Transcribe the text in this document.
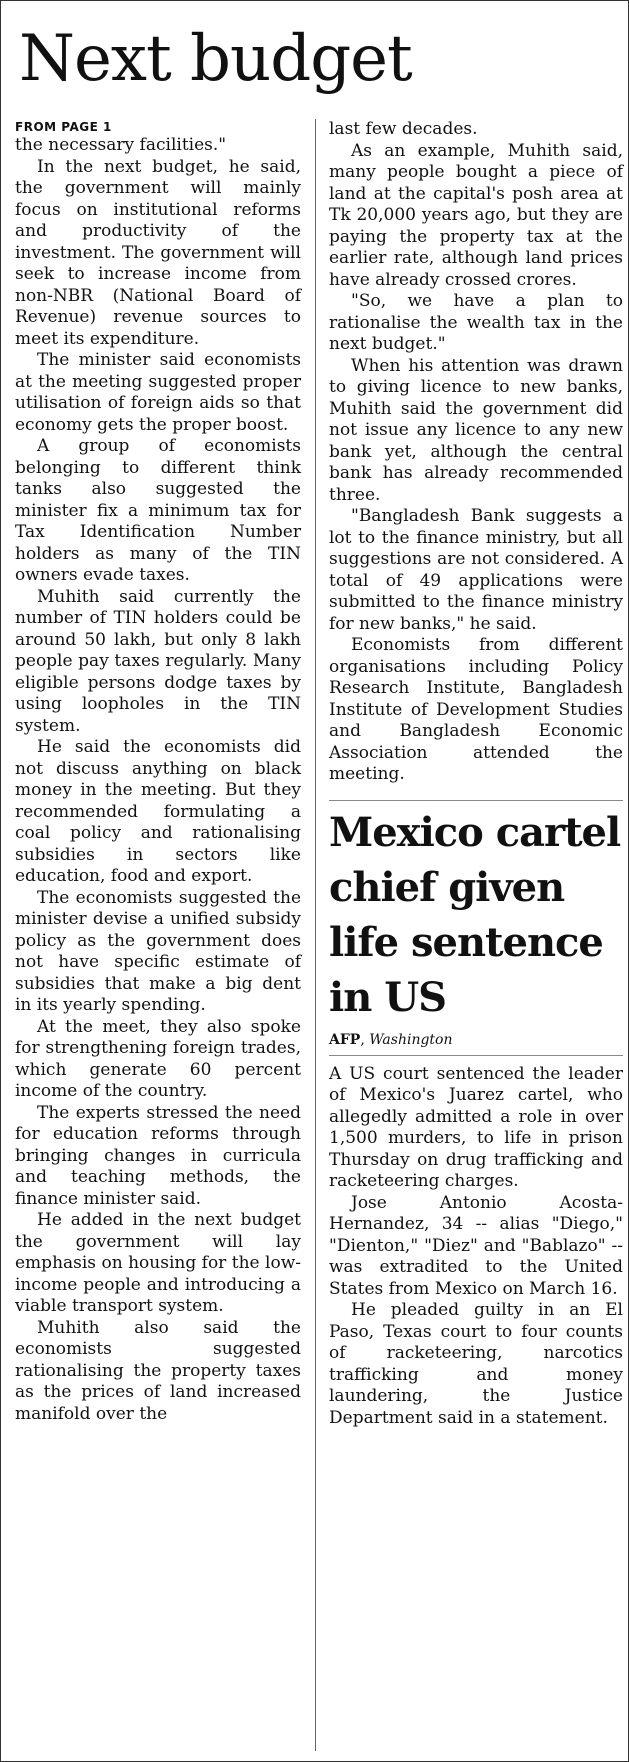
Next budget
FROM PAGE 1

the necessary facilities."

In the next budget, he said, the government will mainly focus on institutional reforms and productivity of the investment. The government will seek to increase income from non-NBR (National Board of Revenue) revenue sources to meet its expenditure.

The minister said economists at the meeting suggested proper utilisation of foreign aids so that economy gets the proper boost.

A group of economists belonging to different think tanks also suggested the minister fix a minimum tax for Tax Identification Number holders as many of the TIN owners evade taxes.

Muhith said currently the number of TIN holders could be around 50 lakh, but only 8 lakh people pay taxes regularly. Many eligible persons dodge taxes by using loopholes in the TIN system.

He said the economists did not discuss anything on black money in the meeting. But they recommended formulating a coal policy and rationalising subsidies in sectors like education, food and export.

The economists suggested the minister devise a unified subsidy policy as the government does not have specific estimate of subsidies that make a big dent in its yearly spending.

At the meet, they also spoke for strengthening foreign trades, which generate 60 percent income of the country.

The experts stressed the need for education reforms through bringing changes in curricula and teaching methods, the finance minister said.

He added in the next budget the government will lay emphasis on housing for the low-income people and introducing a viable transport system.

Muhith also said the economists suggested rationalising the property taxes as the prices of land increased manifold over the

last few decades.

As an example, Muhith said, many people bought a piece of land at the capital's posh area at Tk 20,000 years ago, but they are paying the property tax at the earlier rate, although land prices have already crossed crores.

"So, we have a plan to rationalise the wealth tax in the next budget."

When his attention was drawn to giving licence to new banks, Muhith said the government did not issue any licence to any new bank yet, although the central bank has already recommended three.

"Bangladesh Bank suggests a lot to the finance ministry, but all suggestions are not considered. A total of 49 applications were submitted to the finance ministry for new banks," he said.

Economists from different organisations including Policy Research Institute, Bangladesh Institute of Development Studies and Bangladesh Economic Association attended the meeting.

Mexico cartel chief given life sentence in US
AFP, Washington

A US court sentenced the leader of Mexico's Juarez cartel, who allegedly admitted a role in over 1,500 murders, to life in prison Thursday on drug trafficking and racketeering charges.

Jose Antonio Acosta-Hernandez, 34 -- alias "Diego," "Dienton," "Diez" and "Bablazo" -- was extradited to the United States from Mexico on March 16.

He pleaded guilty in an El Paso, Texas court to four counts of racketeering, narcotics trafficking and money laundering, the Justice Department said in a statement.
